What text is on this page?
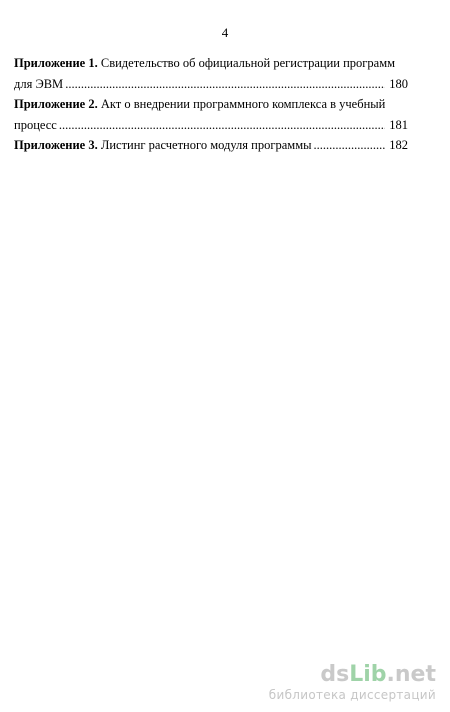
4
Приложение 1. Свидетельство об официальной регистрации программ
для ЭВМ .....	180
Приложение 2. Акт о внедрении программного комплекса в учебный
процесс .....	181
Приложение 3. Листинг расчетного модуля программы .....	182
dsLib.net
библиотека диссертаций
